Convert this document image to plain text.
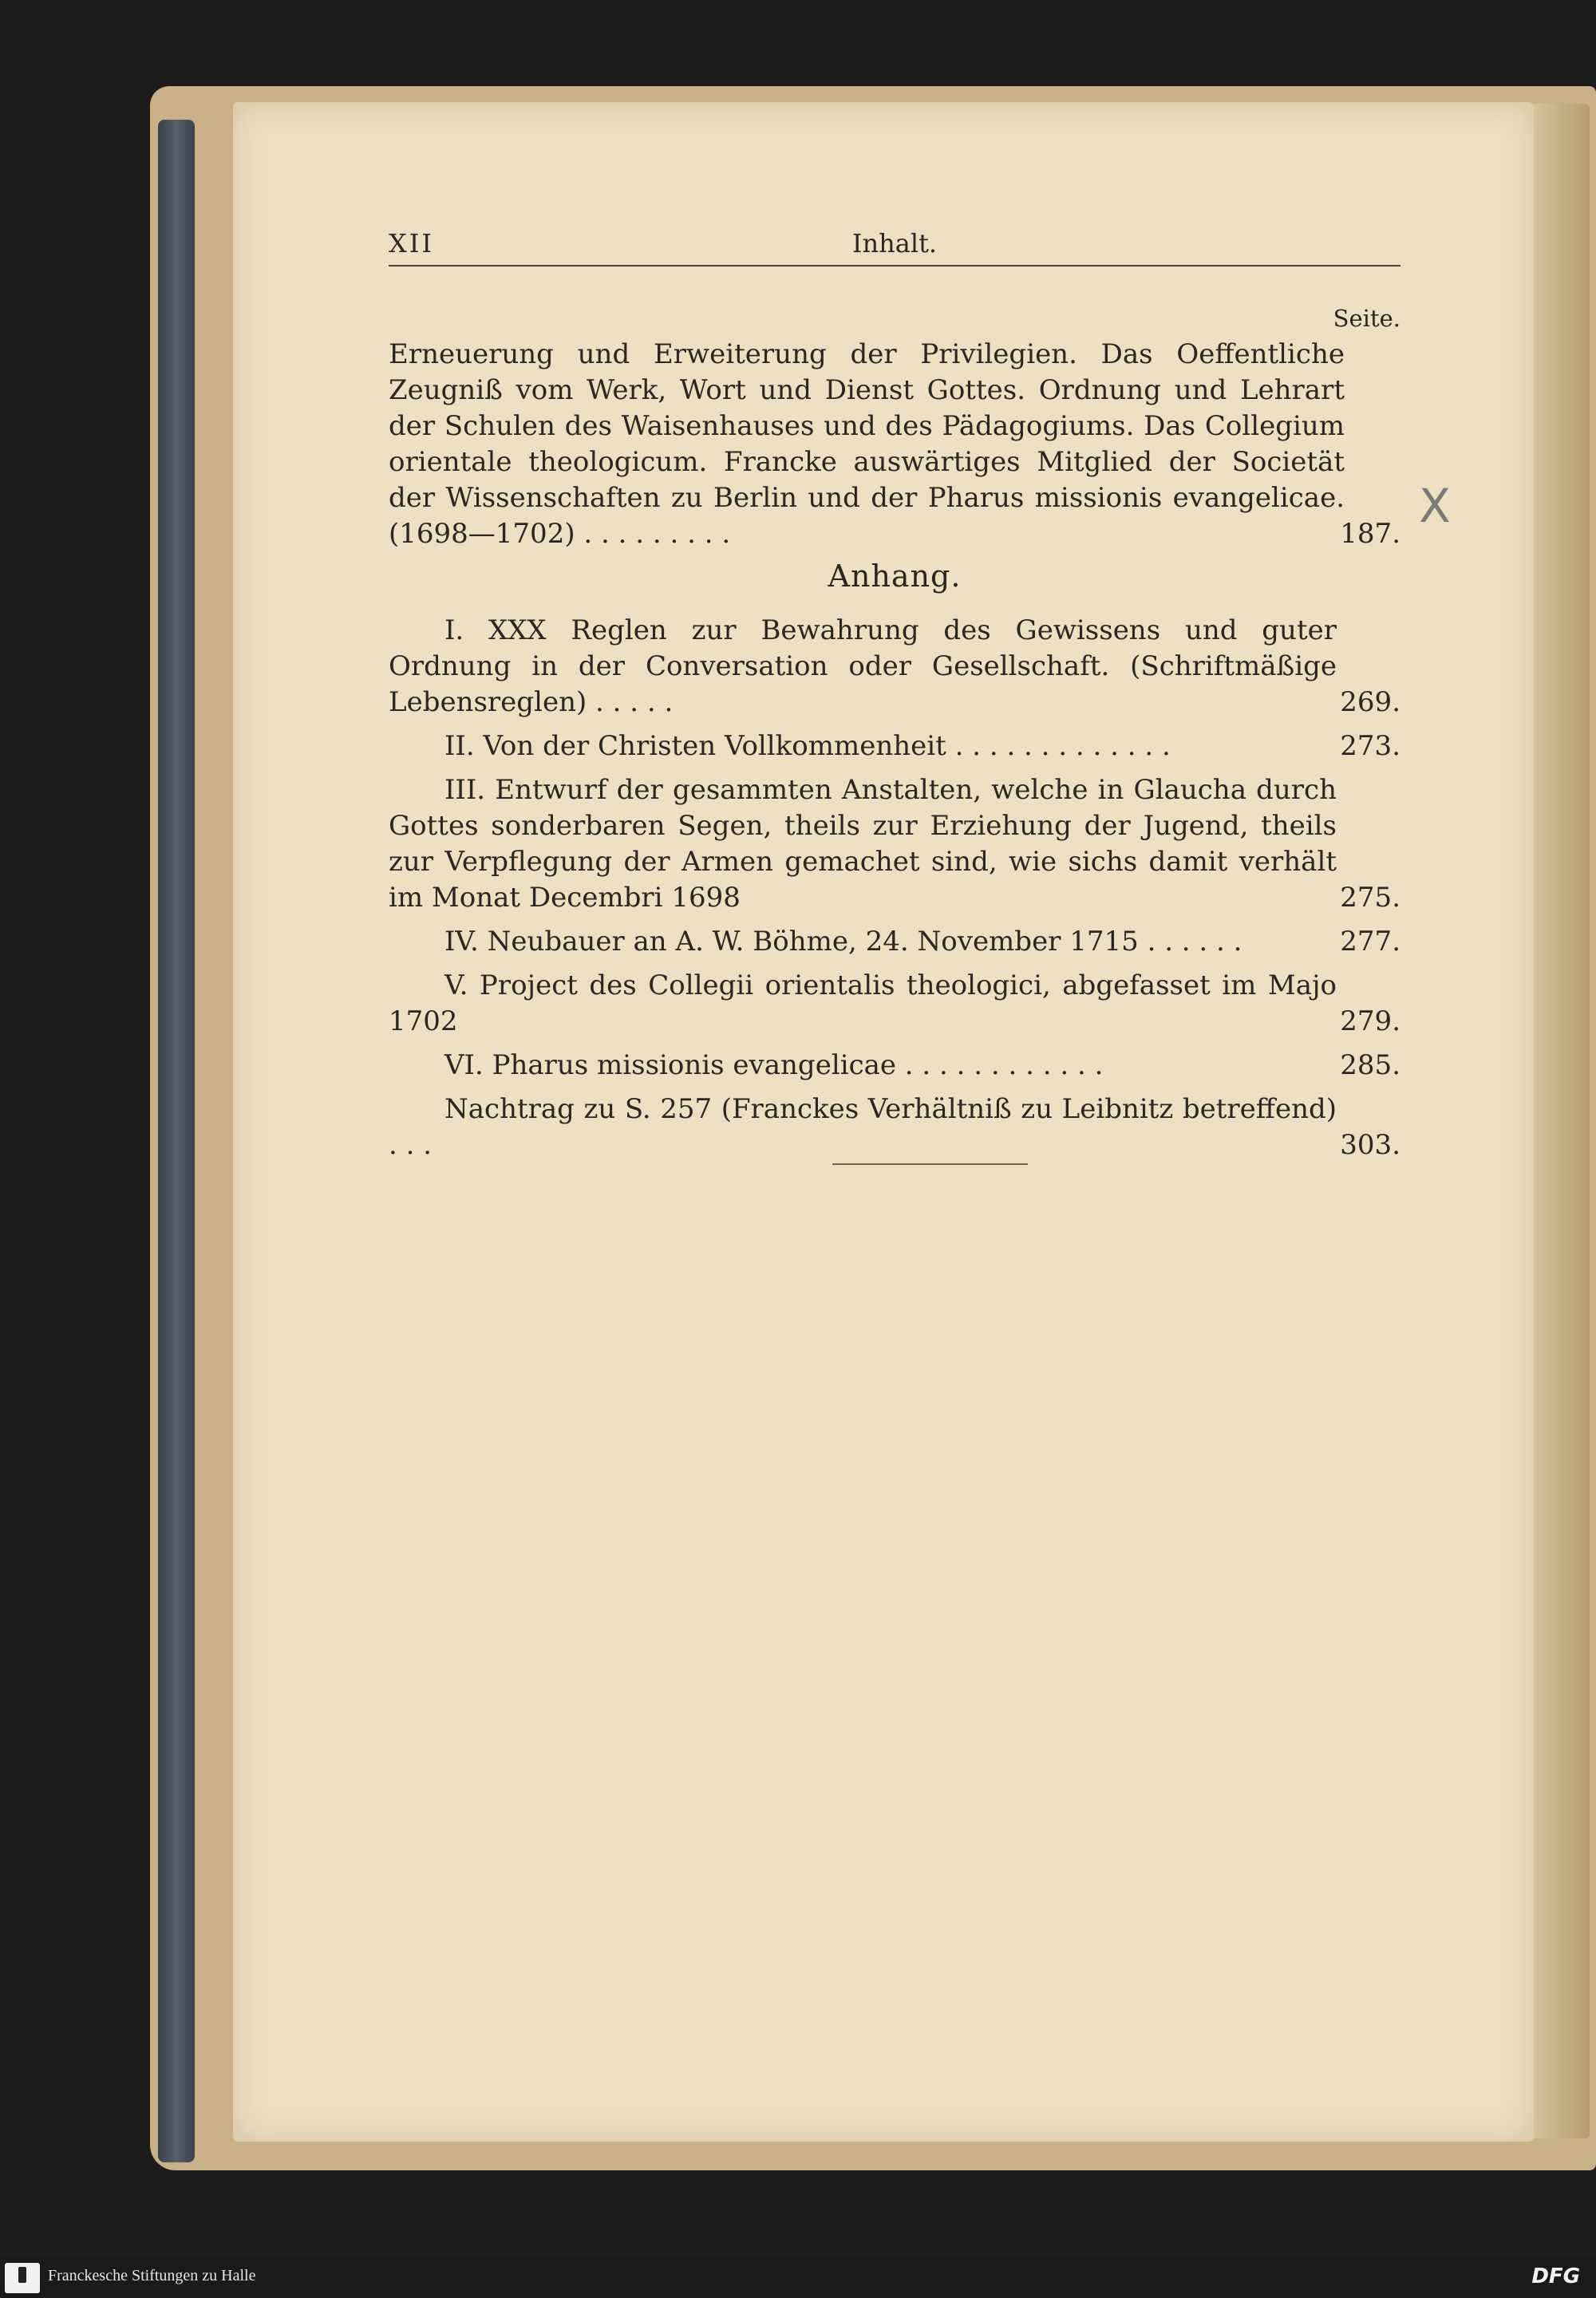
XII	Inhalt.
Seite.
Erneuerung und Erweiterung der Privilegien. Das Oeffentliche Zeugniß vom Werk, Wort und Dienst Gottes. Ordnung und Lehrart der Schulen des Waisenhauses und des Pädagogiums. Das Collegium orientale theologicum. Francke auswärtiges Mitglied der Societät der Wissenschaften zu Berlin und der Pharus missionis evangelicae. (1698—1702) . . . . . . . . .	187.
X
Anhang.
I. XXX Reglen zur Bewahrung des Gewissens und guter Ordnung in der Conversation oder Gesellschaft. (Schriftmäßige Lebensreglen) . . . . .	269.
II. Von der Christen Vollkommenheit . . . . . . . . . . . . .	273.
III. Entwurf der gesammten Anstalten, welche in Glaucha durch Gottes sonderbaren Segen, theils zur Erziehung der Jugend, theils zur Verpflegung der Armen gemachet sind, wie sichs damit verhält im Monat Decembri 1698	275.
IV. Neubauer an A. W. Böhme, 24. November 1715 . . . . . .	277.
V. Project des Collegii orientalis theologici, abgefasset im Majo 1702	279.
VI. Pharus missionis evangelicae . . . . . . . . . . . .	285.
Nachtrag zu S. 257 (Franckes Verhältniß zu Leibnitz betreffend) . . .	303.
Franckesche Stiftungen zu Halle	DFG
